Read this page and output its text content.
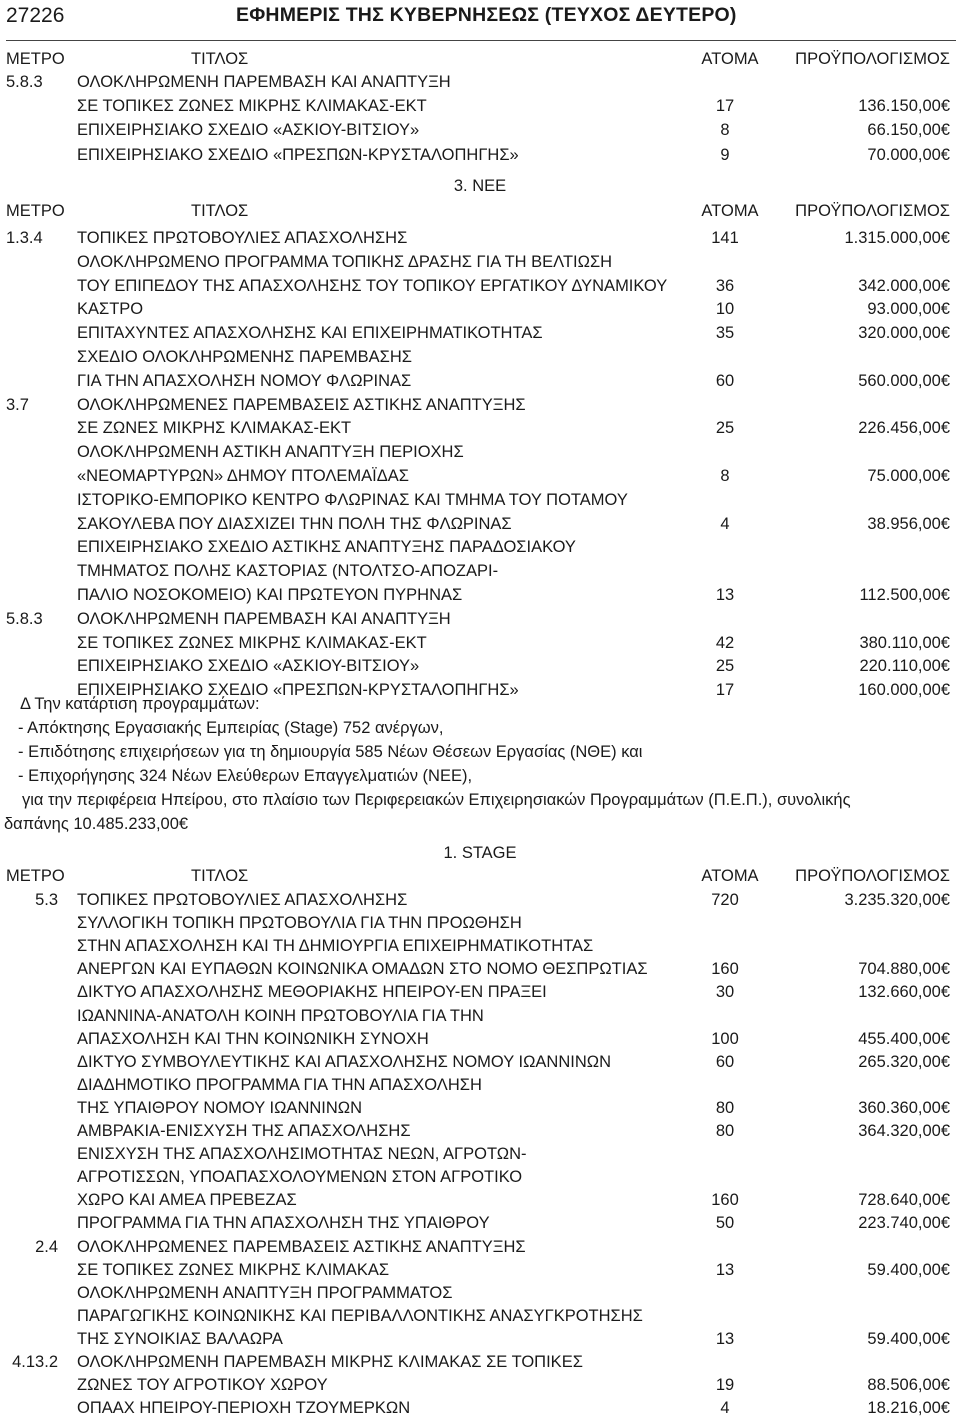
27226	ΕΦΗΜΕΡΙΣ ΤΗΣ ΚΥΒΕΡΝΗΣΕΩΣ (ΤΕΥΧΟΣ ΔΕΥΤΕΡΟ)
ΜΕΤΡΟ	ΤΙΤΛΟΣ	ΑΤΟΜΑ	ΠΡΟΫΠΟΛΟΓΙΣΜΟΣ
5.8.3	ΟΛΟΚΛΗΡΩΜΕΝΗ ΠΑΡΕΜΒΑΣΗ ΚΑΙ ΑΝΑΠΤΥΞΗ
ΣΕ ΤΟΠΙΚΕΣ ΖΩΝΕΣ ΜΙΚΡΗΣ ΚΛΙΜΑΚΑΣ-ΕΚΤ	17	136.150,00€
ΕΠΙΧΕΙΡΗΣΙΑΚΟ ΣΧΕΔΙΟ «ΑΣΚΙΟΥ-ΒΙΤΣΙΟΥ»	8	66.150,00€
ΕΠΙΧΕΙΡΗΣΙΑΚΟ ΣΧΕΔΙΟ «ΠΡΕΣΠΩΝ-ΚΡΥΣΤΑΛΟΠΗΓΗΣ»	9	70.000,00€
3. ΝΕΕ
ΜΕΤΡΟ	ΤΙΤΛΟΣ	ΑΤΟΜΑ	ΠΡΟΫΠΟΛΟΓΙΣΜΟΣ
1.3.4	ΤΟΠΙΚΕΣ ΠΡΩΤΟΒΟΥΛΙΕΣ ΑΠΑΣΧΟΛΗΣΗΣ	141	1.315.000,00€
ΟΛΟΚΛΗΡΩΜΕΝΟ ΠΡΟΓΡΑΜΜΑ ΤΟΠΙΚΗΣ ΔΡΑΣΗΣ ΓΙΑ ΤΗ ΒΕΛΤΙΩΣΗ
ΤΟΥ ΕΠΙΠΕΔΟΥ ΤΗΣ ΑΠΑΣΧΟΛΗΣΗΣ ΤΟΥ ΤΟΠΙΚΟΥ ΕΡΓΑΤΙΚΟΥ ΔΥΝΑΜΙΚΟΥ	36	342.000,00€
ΚΑΣΤΡΟ	10	93.000,00€
ΕΠΙΤΑΧΥΝΤΕΣ ΑΠΑΣΧΟΛΗΣΗΣ ΚΑΙ ΕΠΙΧΕΙΡΗΜΑΤΙΚΟΤΗΤΑΣ	35	320.000,00€
ΣΧΕΔΙΟ ΟΛΟΚΛΗΡΩΜΕΝΗΣ ΠΑΡΕΜΒΑΣΗΣ
ΓΙΑ ΤΗΝ ΑΠΑΣΧΟΛΗΣΗ ΝΟΜΟΥ ΦΛΩΡΙΝΑΣ	60	560.000,00€
3.7	ΟΛΟΚΛΗΡΩΜΕΝΕΣ ΠΑΡΕΜΒΑΣΕΙΣ ΑΣΤΙΚΗΣ ΑΝΑΠΤΥΞΗΣ
ΣΕ ΖΩΝΕΣ ΜΙΚΡΗΣ ΚΛΙΜΑΚΑΣ-ΕΚΤ	25	226.456,00€
ΟΛΟΚΛΗΡΩΜΕΝΗ ΑΣΤΙΚΗ ΑΝΑΠΤΥΞΗ ΠΕΡΙΟΧΗΣ
«ΝΕΟΜΑΡΤΥΡΩΝ» ΔΗΜΟΥ ΠΤΟΛΕΜΑΪΔΑΣ	8	75.000,00€
ΙΣΤΟΡΙΚΟ-ΕΜΠΟΡΙΚΟ ΚΕΝΤΡΟ ΦΛΩΡΙΝΑΣ ΚΑΙ ΤΜΗΜΑ ΤΟΥ ΠΟΤΑΜΟΥ
ΣΑΚΟΥΛΕΒΑ ΠΟΥ ΔΙΑΣΧΙΖΕΙ ΤΗΝ ΠΟΛΗ ΤΗΣ ΦΛΩΡΙΝΑΣ	4	38.956,00€
ΕΠΙΧΕΙΡΗΣΙΑΚΟ ΣΧΕΔΙΟ ΑΣΤΙΚΗΣ ΑΝΑΠΤΥΞΗΣ ΠΑΡΑΔΟΣΙΑΚΟΥ
ΤΜΗΜΑΤΟΣ ΠΟΛΗΣ ΚΑΣΤΟΡΙΑΣ (ΝΤΟΛΤΣΟ-ΑΠΟΖΑΡΙ-
ΠΑΛΙΟ ΝΟΣΟΚΟΜΕΙΟ) ΚΑΙ ΠΡΩΤΕΥΟΝ ΠΥΡΗΝΑΣ	13	112.500,00€
5.8.3	ΟΛΟΚΛΗΡΩΜΕΝΗ ΠΑΡΕΜΒΑΣΗ ΚΑΙ ΑΝΑΠΤΥΞΗ
ΣΕ ΤΟΠΙΚΕΣ ΖΩΝΕΣ ΜΙΚΡΗΣ ΚΛΙΜΑΚΑΣ-ΕΚΤ	42	380.110,00€
ΕΠΙΧΕΙΡΗΣΙΑΚΟ ΣΧΕΔΙΟ «ΑΣΚΙΟΥ-ΒΙΤΣΙΟΥ»	25	220.110,00€
ΕΠΙΧΕΙΡΗΣΙΑΚΟ ΣΧΕΔΙΟ «ΠΡΕΣΠΩΝ-ΚΡΥΣΤΑΛΟΠΗΓΗΣ»	17	160.000,00€
Δ Την κατάρτιση προγραμμάτων:
- Απόκτησης Εργασιακής Εμπειρίας (Stage) 752 ανέργων,
- Επιδότησης επιχειρήσεων για τη δημιουργία 585 Νέων Θέσεων Εργασίας (ΝΘΕ) και
- Επιχορήγησης 324 Νέων Ελεύθερων Επαγγελματιών (ΝΕΕ),
για την περιφέρεια Ηπείρου, στο πλαίσιο των Περιφερειακών Επιχειρησιακών Προγραμμάτων (Π.Ε.Π.), συνολικής
δαπάνης 10.485.233,00€
1. STAGE
ΜΕΤΡΟ	ΤΙΤΛΟΣ	ΑΤΟΜΑ	ΠΡΟΫΠΟΛΟΓΙΣΜΟΣ
5.3 ΤΟΠΙΚΕΣ ΠΡΩΤΟΒΟΥΛΙΕΣ ΑΠΑΣΧΟΛΗΣΗΣ	720	3.235.320,00€
ΣΥΛΛΟΓΙΚΗ ΤΟΠΙΚΗ ΠΡΩΤΟΒΟΥΛΙΑ ΓΙΑ ΤΗΝ ΠΡΟΩΘΗΣΗ
ΣΤΗΝ ΑΠΑΣΧΟΛΗΣΗ ΚΑΙ ΤΗ ΔΗΜΙΟΥΡΓΙΑ ΕΠΙΧΕΙΡΗΜΑΤΙΚΟΤΗΤΑΣ
ΑΝΕΡΓΩΝ ΚΑΙ ΕΥΠΑΘΩΝ ΚΟΙΝΩΝΙΚΑ ΟΜΑΔΩΝ ΣΤΟ ΝΟΜΟ ΘΕΣΠΡΩΤΙΑΣ	160	704.880,00€
ΔΙΚΤΥΟ ΑΠΑΣΧΟΛΗΣΗΣ ΜΕΘΟΡΙΑΚΗΣ ΗΠΕΙΡΟΥ-ΕΝ ΠΡΑΞΕΙ	30	132.660,00€
ΙΩΑΝΝΙΝΑ-ΑΝΑΤΟΛΗ ΚΟΙΝΗ ΠΡΩΤΟΒΟΥΛΙΑ ΓΙΑ ΤΗΝ
ΑΠΑΣΧΟΛΗΣΗ ΚΑΙ ΤΗΝ ΚΟΙΝΩΝΙΚΗ ΣΥΝΟΧΗ	100	455.400,00€
ΔΙΚΤΥΟ ΣΥΜΒΟΥΛΕΥΤΙΚΗΣ ΚΑΙ ΑΠΑΣΧΟΛΗΣΗΣ ΝΟΜΟΥ ΙΩΑΝΝΙΝΩΝ	60	265.320,00€
ΔΙΑΔΗΜΟΤΙΚΟ ΠΡΟΓΡΑΜΜΑ ΓΙΑ ΤΗΝ ΑΠΑΣΧΟΛΗΣΗ
ΤΗΣ ΥΠΑΙΘΡΟΥ ΝΟΜΟΥ ΙΩΑΝΝΙΝΩΝ	80	360.360,00€
ΑΜΒΡΑΚΙΑ-ΕΝΙΣΧΥΣΗ ΤΗΣ ΑΠΑΣΧΟΛΗΣΗΣ	80	364.320,00€
ΕΝΙΣΧΥΣΗ ΤΗΣ ΑΠΑΣΧΟΛΗΣΙΜΟΤΗΤΑΣ ΝΕΩΝ, ΑΓΡΟΤΩΝ-
ΑΓΡΟΤΙΣΣΩΝ, ΥΠΟΑΠΑΣΧΟΛΟΥΜΕΝΩΝ ΣΤΟΝ ΑΓΡΟΤΙΚΟ
ΧΩΡΟ ΚΑΙ ΑΜΕΑ ΠΡΕΒΕΖΑΣ	160	728.640,00€
ΠΡΟΓΡΑΜΜΑ ΓΙΑ ΤΗΝ ΑΠΑΣΧΟΛΗΣΗ ΤΗΣ ΥΠΑΙΘΡΟΥ	50	223.740,00€
2.4 ΟΛΟΚΛΗΡΩΜΕΝΕΣ ΠΑΡΕΜΒΑΣΕΙΣ ΑΣΤΙΚΗΣ ΑΝΑΠΤΥΞΗΣ
ΣΕ ΤΟΠΙΚΕΣ ΖΩΝΕΣ ΜΙΚΡΗΣ ΚΛΙΜΑΚΑΣ	13	59.400,00€
ΟΛΟΚΛΗΡΩΜΕΝΗ ΑΝΑΠΤΥΞΗ ΠΡΟΓΡΑΜΜΑΤΟΣ
ΠΑΡΑΓΩΓΙΚΗΣ ΚΟΙΝΩΝΙΚΗΣ ΚΑΙ ΠΕΡΙΒΑΛΛΟΝΤΙΚΗΣ ΑΝΑΣΥΓΚΡΟΤΗΣΗΣ
ΤΗΣ ΣΥΝΟΙΚΙΑΣ ΒΑΛΑΩΡΑ	13	59.400,00€
4.13.2 ΟΛΟΚΛΗΡΩΜΕΝΗ ΠΑΡΕΜΒΑΣΗ ΜΙΚΡΗΣ ΚΛΙΜΑΚΑΣ ΣΕ ΤΟΠΙΚΕΣ
ΖΩΝΕΣ ΤΟΥ ΑΓΡΟΤΙΚΟΥ ΧΩΡΟΥ	19	88.506,00€
ΟΠΑΑΧ ΗΠΕΙΡΟΥ-ΠΕΡΙΟΧΗ ΤΖΟΥΜΕΡΚΩΝ	4	18.216,00€
